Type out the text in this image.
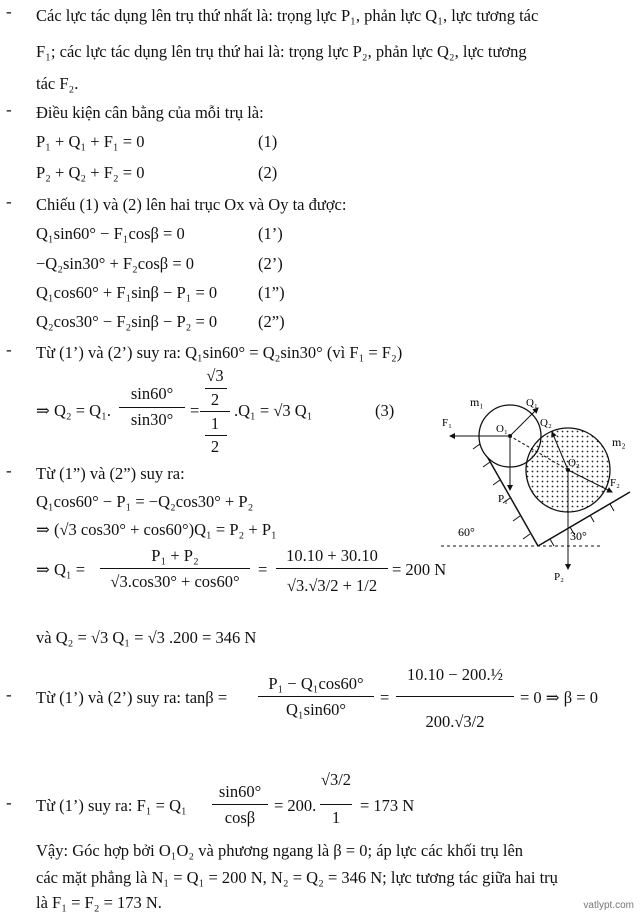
- Các lực tác dụng lên trụ thứ nhất là: trọng lực P₁, phản lực Q₁, lực tương tác
F₁; các lực tác dụng lên trụ thứ hai là: trọng lực P₂, phản lực Q₂, lực tương
tác F₂.
- Điều kiện cân bằng của mỗi trụ là:
P₁ + Q₁ + F₁ = 0	(1)
P₂ + Q₂ + F₂ = 0	(2)
- Chiếu (1) và (2) lên hai trục Ox và Oy ta được:
Q₁sin60° − F₁cosβ = 0	(1’)
−Q₂sin30° + F₂cosβ = 0	(2’)
Q₁cos60° + F₁sinβ − P₁ = 0 (1”)
Q₂cos30° − F₂sinβ − P₂ = 0 (2”)
- Từ (1’) và (2’) suy ra: Q₁sin60° = Q₂sin30° (vì F₁ = F₂)
⇒ Q₂ = Q₁.
sin60°
sin30°	=
√3
2
1
2
.Q₁ = √3 Q₁	(3)
- Từ (1”) và (2”) suy ra:
Q₁cos60° − P₁ = −Q₂cos30° + P₂
⇒ (√3 cos30° + cos60°)Q₁ = P₂ + P₁
⇒ Q₁ =
P₁ + P₂
√3.cos30° + cos60°
=
10.10 + 30.10
√3.√3/2 + 1/2
= 200 N
và Q₂ = √3 Q₁ = √3 .200 = 346 N
- Từ (1’) và (2’) suy ra: tanβ =
P₁ − Q₁cos60°
Q₁sin60°
=
10.10 − 200.½
200.√3/2
= 0 ⇒ β = 0
- Từ (1’) suy ra: F₁ = Q₁
sin60°
cosβ
= 200.
√3/2
1
= 173 N
Vậy: Góc hợp bởi O₁O₂ và phương ngang là β = 0; áp lực các khối trụ lên
các mặt phẳng là N₁ = Q₁ = 200 N, N₂ = Q₂ = 346 N; lực tương tác giữa hai trụ
là F₁ = F₂ = 173 N.
m₁
m₂
O₁
O₂
F₁
Q₁
Q₂
F₂
P₁
P₂
60°	30°
vatlypt.com
